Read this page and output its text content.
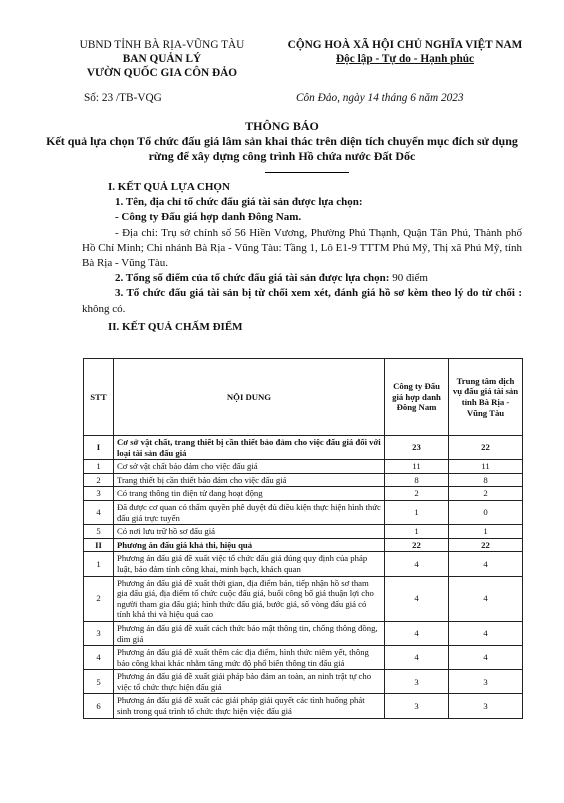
UBND TỈNH BÀ RỊA-VŨNG TÀU
BAN QUẢN LÝ
VƯỜN QUỐC GIA CÔN ĐẢO
CỘNG HOÀ XÃ HỘI CHỦ NGHĨA VIỆT NAM
Độc lập - Tự do - Hạnh phúc
Số: 23 /TB-VQG	Côn Đảo, ngày 14 tháng 6 năm 2023
THÔNG BÁO
Kết quả lựa chọn Tổ chức đấu giá lâm sản khai thác trên diện tích chuyển mục đích sử dụng rừng để xây dựng công trình Hồ chứa nước Đất Dốc

I. KẾT QUẢ LỰA CHỌN

1. Tên, địa chỉ tổ chức đấu giá tài sản được lựa chọn:

- Công ty Đấu giá hợp danh Đông Nam.

- Địa chỉ: Trụ sở chính số 56 Hiền Vương, Phường Phú Thạnh, Quận Tân Phú, Thành phố Hồ Chí Minh; Chi nhánh Bà Rịa - Vũng Tàu: Tầng 1, Lô E1-9 TTTM Phú Mỹ, Thị xã Phú Mỹ, tỉnh Bà Rịa - Vũng Tàu.

2. Tổng số điểm của tổ chức đấu giá tài sản được lựa chọn: 90 điểm

3. Tổ chức đấu giá tài sản bị từ chối xem xét, đánh giá hồ sơ kèm theo lý do từ chối : không có.

II. KẾT QUẢ CHẤM ĐIỂM

STT	NỘI DUNG	Công ty Đấu giá hợp danh Đông Nam	Trung tâm dịch vụ đấu giá tài sản tỉnh Bà Rịa - Vũng Tàu
I	Cơ sở vật chất, trang thiết bị cần thiết bảo đảm cho việc đấu giá đối với loại tài sản đấu giá	23	22
1	Cơ sở vật chất bảo đảm cho việc đấu giá	11	11
2	Trang thiết bị cần thiết bảo đảm cho việc đấu giá	8	8
3	Có trang thông tin điện tử đang hoạt động	2	2
4	Đã được cơ quan có thẩm quyền phê duyệt đủ điều kiện thực hiện hình thức đấu giá trực tuyến	1	0
5	Có nơi lưu trữ hồ sơ đấu giá	1	1
II	Phương án đấu giá khả thi, hiệu quả	22	22
1	Phương án đấu giá đề xuất việc tổ chức đấu giá đúng quy định của pháp luật, bảo đảm tính công khai, minh bạch, khách quan	4	4
2	Phương án đấu giá đề xuất thời gian, địa điểm bán, tiếp nhận hồ sơ tham gia đấu giá, địa điểm tổ chức cuộc đấu giá, buổi công bố giá thuận lợi cho người tham gia đấu giá; hình thức đấu giá, bước giá, số vòng đấu giá có tính khả thi và hiệu quả cao	4	4
3	Phương án đấu giá đề xuất cách thức bảo mật thông tin, chống thông đồng, dìm giá	4	4
4	Phương án đấu giá đề xuất thêm các địa điểm, hình thức niêm yết, thông báo công khai khác nhằm tăng mức độ phổ biến thông tin đấu giá	4	4
5	Phương án đấu giá đề xuất giải pháp bảo đảm an toàn, an ninh trật tự cho việc tổ chức thực hiện đấu giá	3	3
6	Phương án đấu giá đề xuất các giải pháp giải quyết các tình huống phát sinh trong quá trình tổ chức thực hiện việc đấu giá	3	3
